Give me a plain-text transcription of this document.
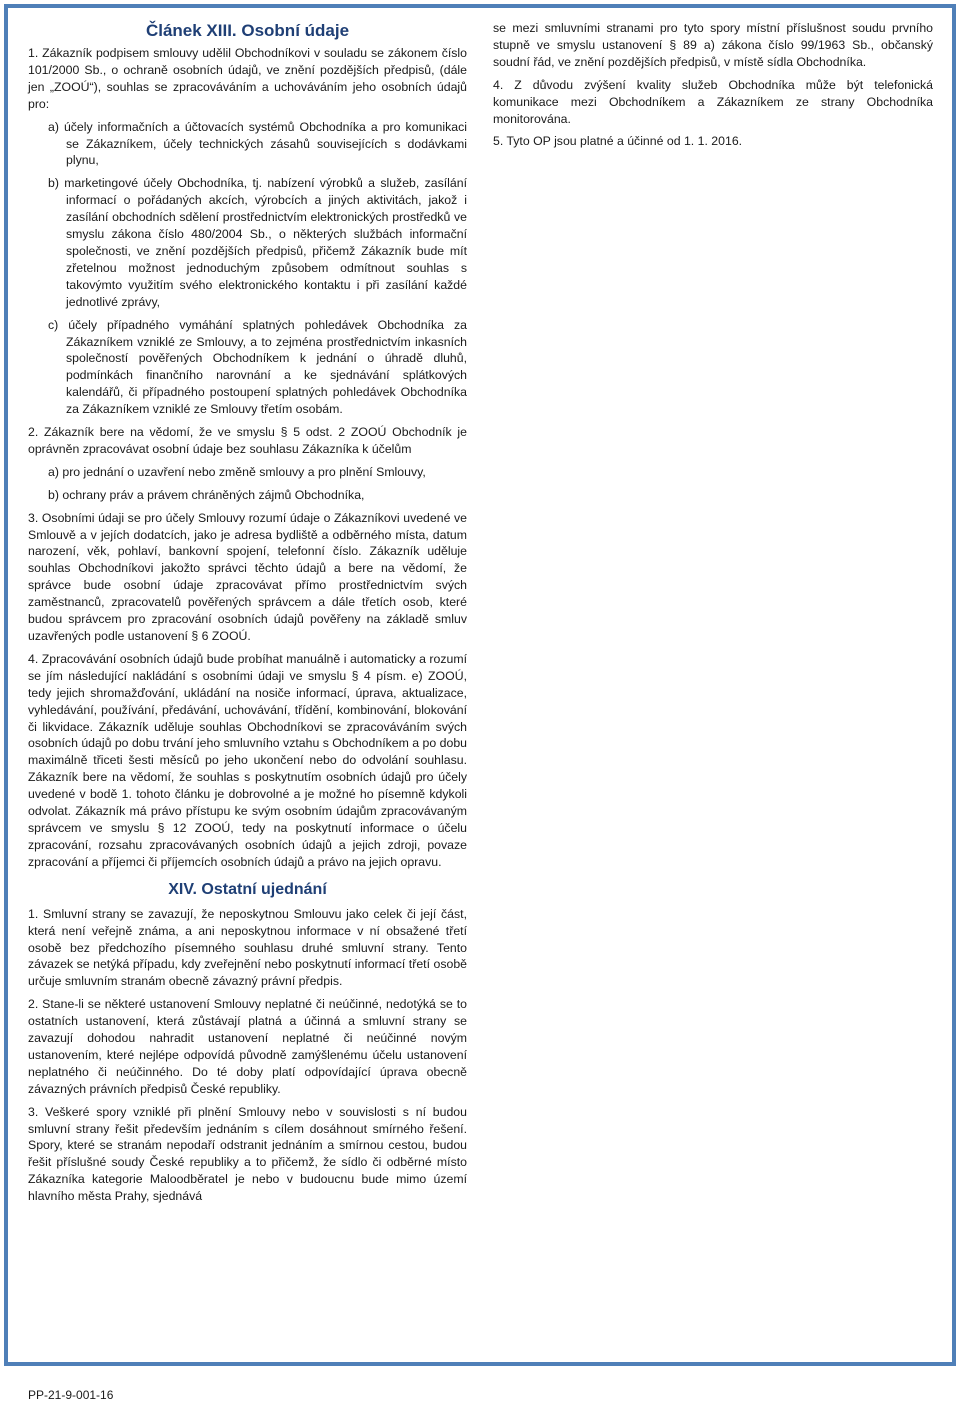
Článek XIII. Osobní údaje

1. Zákazník podpisem smlouvy udělil Obchodníkovi v souladu se zákonem číslo 101/2000 Sb., o ochraně osobních údajů, ve znění pozdějších předpisů, (dále jen „ZOOÚ“), souhlas se zpracováváním a uchováváním jeho osobních údajů pro:

a) účely informačních a účtovacích systémů Obchodníka a pro komunikaci se Zákazníkem, účely technických zásahů souvisejících s dodávkami plynu,

b) marketingové účely Obchodníka, tj. nabízení výrobků a služeb, zasílání informací o pořádaných akcích, výrobcích a jiných aktivitách, jakož i zasílání obchodních sdělení prostřednictvím elektronických prostředků ve smyslu zákona číslo 480/2004 Sb., o některých službách informační společnosti, ve znění pozdějších předpisů, přičemž Zákazník bude mít zřetelnou možnost jednoduchým způsobem odmítnout souhlas s takovýmto využitím svého elektronického kontaktu i při zasílání každé jednotlivé zprávy,

c) účely případného vymáhání splatných pohledávek Obchodníka za Zákazníkem vzniklé ze Smlouvy, a to zejména prostřednictvím inkasních společností pověřených Obchodníkem k jednání o úhradě dluhů, podmínkách finančního narovnání a ke sjednávání splátkových kalendářů, či případného postoupení splatných pohledávek Obchodníka za Zákazníkem vzniklé ze Smlouvy třetím osobám.

2. Zákazník bere na vědomí, že ve smyslu § 5 odst. 2 ZOOÚ Obchodník je oprávněn zpracovávat osobní údaje bez souhlasu Zákazníka k účelům

a) pro jednání o uzavření nebo změně smlouvy a pro plnění Smlouvy,

b) ochrany práv a právem chráněných zájmů Obchodníka,

3. Osobními údaji se pro účely Smlouvy rozumí údaje o Zákazníkovi uvedené ve Smlouvě a v jejích dodatcích, jako je adresa bydliště a odběrného místa, datum narození, věk, pohlaví, bankovní spojení, telefonní číslo. Zákazník uděluje souhlas Obchodníkovi jakožto správci těchto údajů a bere na vědomí, že správce bude osobní údaje zpracovávat přímo prostřednictvím svých zaměstnanců, zpracovatelů pověřených správcem a dále třetích osob, které budou správcem pro zpracování osobních údajů pověřeny na základě smluv uzavřených podle ustanovení § 6 ZOOÚ.

4. Zpracovávání osobních údajů bude probíhat manuálně i automaticky a rozumí se jím následující nakládání s osobními údaji ve smyslu § 4 písm. e) ZOOÚ, tedy jejich shromažďování, ukládání na nosiče informací, úprava, aktualizace, vyhledávání, používání, předávání, uchovávání, třídění, kombinování, blokování či likvidace. Zákazník uděluje souhlas Obchodníkovi se zpracováváním svých osobních údajů po dobu trvání jeho smluvního vztahu s Obchodníkem a po dobu maximálně třiceti šesti měsíců po jeho ukončení nebo do odvolání souhlasu. Zákazník bere na vědomí, že souhlas s poskytnutím osobních údajů pro účely uvedené v bodě 1. tohoto článku je dobrovolné a je možné ho písemně kdykoli odvolat. Zákazník má právo přístupu ke svým osobním údajům zpracovávaným správcem ve smyslu § 12 ZOOÚ, tedy na poskytnutí informace o účelu zpracování, rozsahu zpracovávaných osobních údajů a jejich zdroji, povaze zpracování a příjemci či příjemcích osobních údajů a právo na jejich opravu.

XIV. Ostatní ujednání

1. Smluvní strany se zavazují, že neposkytnou Smlouvu jako celek či její část, která není veřejně známa, a ani neposkytnou informace v ní obsažené třetí osobě bez předchozího písemného souhlasu druhé smluvní strany. Tento závazek se netýká případu, kdy zveřejnění nebo poskytnutí informací třetí osobě určuje smluvním stranám obecně závazný právní předpis.

2. Stane-li se některé ustanovení Smlouvy neplatné či neúčinné, nedotýká se to ostatních ustanovení, která zůstávají platná a účinná a smluvní strany se zavazují dohodou nahradit ustanovení neplatné či neúčinné novým ustanovením, které nejlépe odpovídá původně zamýšlenému účelu ustanovení neplatného či neúčinného. Do té doby platí odpovídající úprava obecně závazných právních předpisů České republiky.

3. Veškeré spory vzniklé při plnění Smlouvy nebo v souvislosti s ní budou smluvní strany řešit především jednáním s cílem dosáhnout smírného řešení. Spory, které se stranám nepodaří odstranit jednáním a smírnou cestou, budou řešit příslušné soudy České republiky a to přičemž, že sídlo či odběrné místo Zákazníka kategorie Maloodběratel je nebo v budoucnu bude mimo území hlavního města Prahy, sjednává

se mezi smluvními stranami pro tyto spory místní příslušnost soudu prvního stupně ve smyslu ustanovení § 89 a) zákona číslo 99/1963 Sb., občanský soudní řád, ve znění pozdějších předpisů, v místě sídla Obchodníka.

4. Z důvodu zvýšení kvality služeb Obchodníka může být telefonická komunikace mezi Obchodníkem a Zákazníkem ze strany Obchodníka monitorována.

5. Tyto OP jsou platné a účinné od 1. 1. 2016.

PP-21-9-001-16
